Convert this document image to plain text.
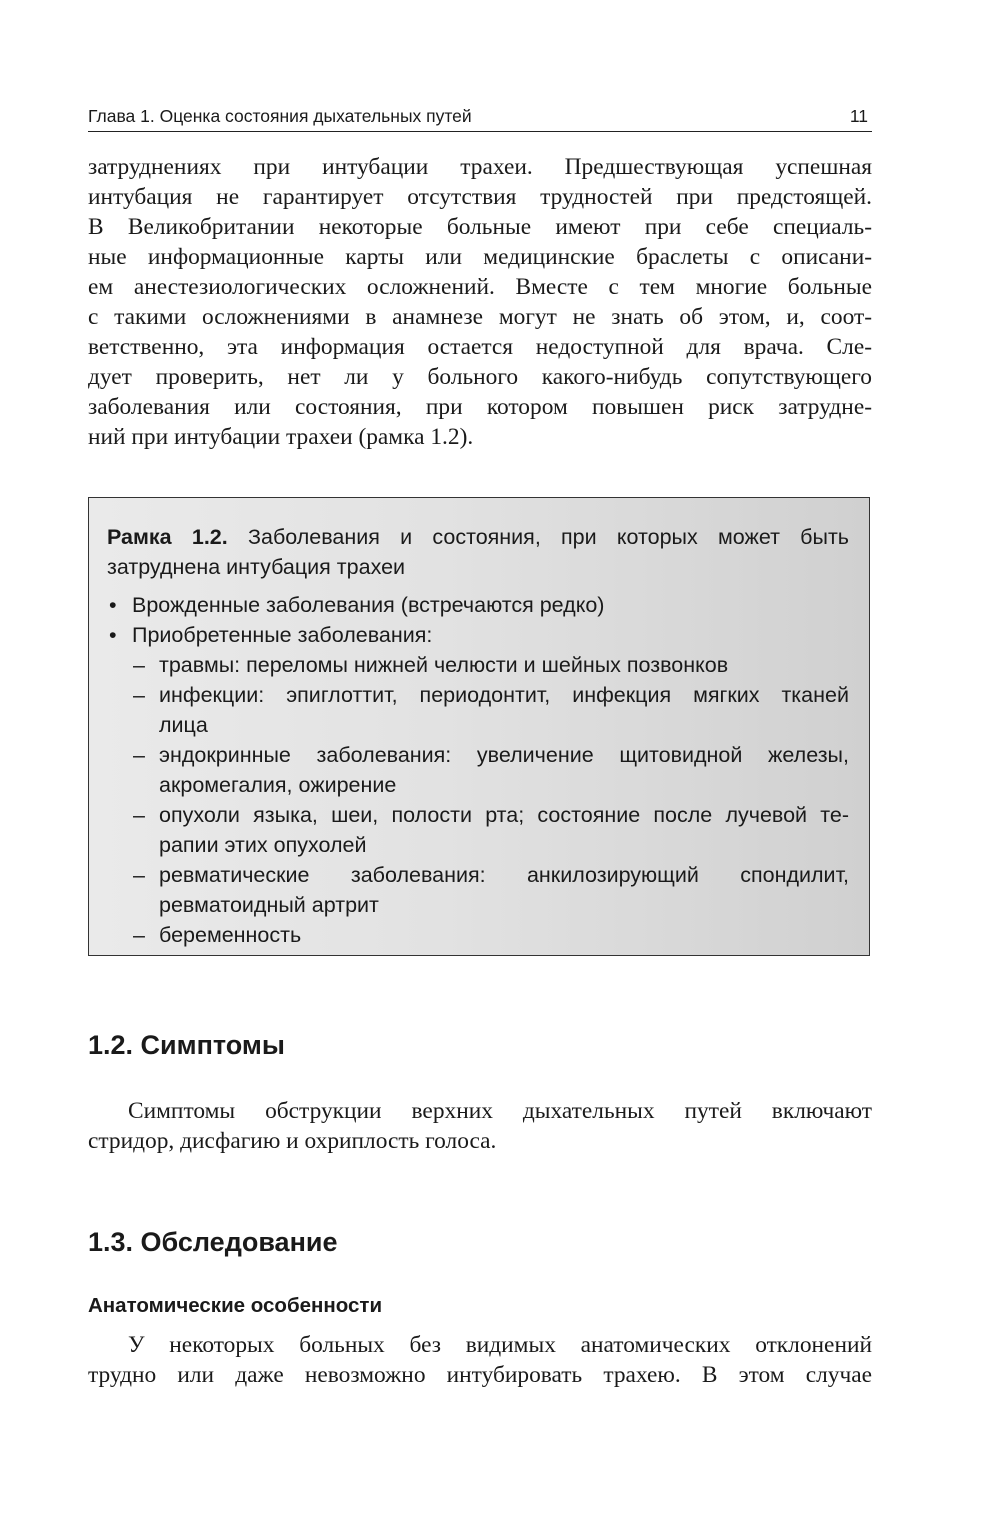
Глава 1. Оценка состояния дыхательных путей	11
затруднениях при интубации трахеи. Предшествующая успешная
интубация не гарантирует отсутствия трудностей при предстоящей.
В Великобритании некоторые больные имеют при себе специаль-
ные информационные карты или медицинские браслеты с описани-
ем анестезиологических осложнений. Вместе с тем многие больные
с такими осложнениями в анамнезе могут не знать об этом, и, соот-
ветственно, эта информация остается недоступной для врача. Сле-
дует проверить, нет ли у больного какого-нибудь сопутствующего
заболевания или состояния, при котором повышен риск затрудне-
ний при интубации трахеи (рамка 1.2).
Рамка 1.2. Заболевания и состояния, при которых может быть
затруднена интубация трахеи
• Врожденные заболевания (встречаются редко)
• Приобретенные заболевания:
– травмы: переломы нижней челюсти и шейных позвонков
– инфекции: эпиглоттит, периодонтит, инфекция мягких тканей
лица
– эндокринные заболевания: увеличение щитовидной железы,
акромегалия, ожирение
– опухоли языка, шеи, полости рта; состояние после лучевой те-
рапии этих опухолей
– ревматические заболевания: анкилозирующий спондилит,
ревматоидный артрит
– беременность
1.2. Симптомы
Симптомы обструкции верхних дыхательных путей включают
стридор, дисфагию и охриплость голоса.
1.3. Обследование
Анатомические особенности
У некоторых больных без видимых анатомических отклонений
трудно или даже невозможно интубировать трахею. В этом случае
